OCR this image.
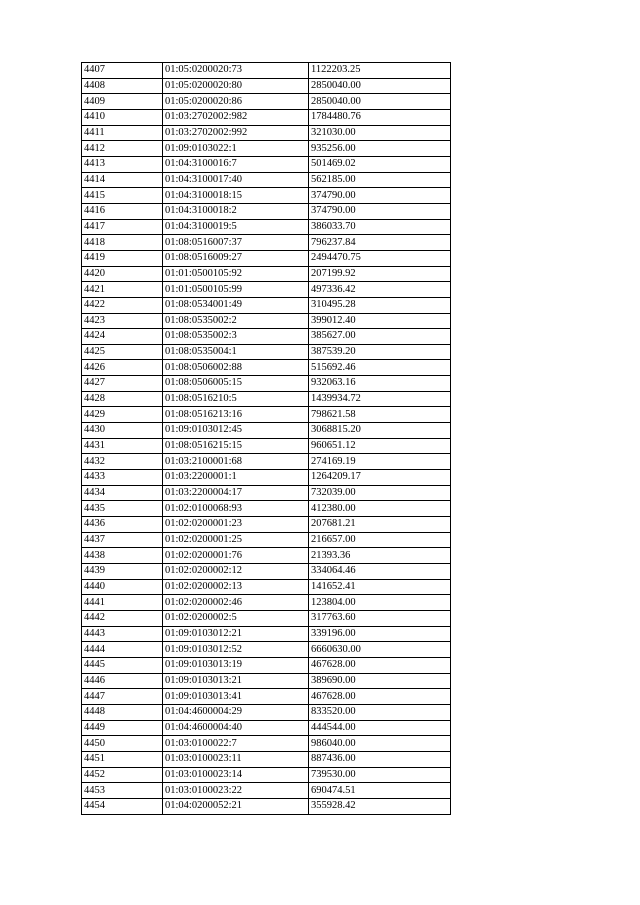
4407	01:05:0200020:73	1122203.25
4408	01:05:0200020:80	2850040.00
4409	01:05:0200020:86	2850040.00
4410	01:03:2702002:982	1784480.76
4411	01:03:2702002:992	321030.00
4412	01:09:0103022:1	935256.00
4413	01:04:3100016:7	501469.02
4414	01:04:3100017:40	562185.00
4415	01:04:3100018:15	374790.00
4416	01:04:3100018:2	374790.00
4417	01:04:3100019:5	386033.70
4418	01:08:0516007:37	796237.84
4419	01:08:0516009:27	2494470.75
4420	01:01:0500105:92	207199.92
4421	01:01:0500105:99	497336.42
4422	01:08:0534001:49	310495.28
4423	01:08:0535002:2	399012.40
4424	01:08:0535002:3	385627.00
4425	01:08:0535004:1	387539.20
4426	01:08:0506002:88	515692.46
4427	01:08:0506005:15	932063.16
4428	01:08:0516210:5	1439934.72
4429	01:08:0516213:16	798621.58
4430	01:09:0103012:45	3068815.20
4431	01:08:0516215:15	960651.12
4432	01:03:2100001:68	274169.19
4433	01:03:2200001:1	1264209.17
4434	01:03:2200004:17	732039.00
4435	01:02:0100068:93	412380.00
4436	01:02:0200001:23	207681.21
4437	01:02:0200001:25	216657.00
4438	01:02:0200001:76	21393.36
4439	01:02:0200002:12	334064.46
4440	01:02:0200002:13	141652.41
4441	01:02:0200002:46	123804.00
4442	01:02:0200002:5	317763.60
4443	01:09:0103012:21	339196.00
4444	01:09:0103012:52	6660630.00
4445	01:09:0103013:19	467628.00
4446	01:09:0103013:21	389690.00
4447	01:09:0103013:41	467628.00
4448	01:04:4600004:29	833520.00
4449	01:04:4600004:40	444544.00
4450	01:03:0100022:7	986040.00
4451	01:03:0100023:11	887436.00
4452	01:03:0100023:14	739530.00
4453	01:03:0100023:22	690474.51
4454	01:04:0200052:21	355928.42
